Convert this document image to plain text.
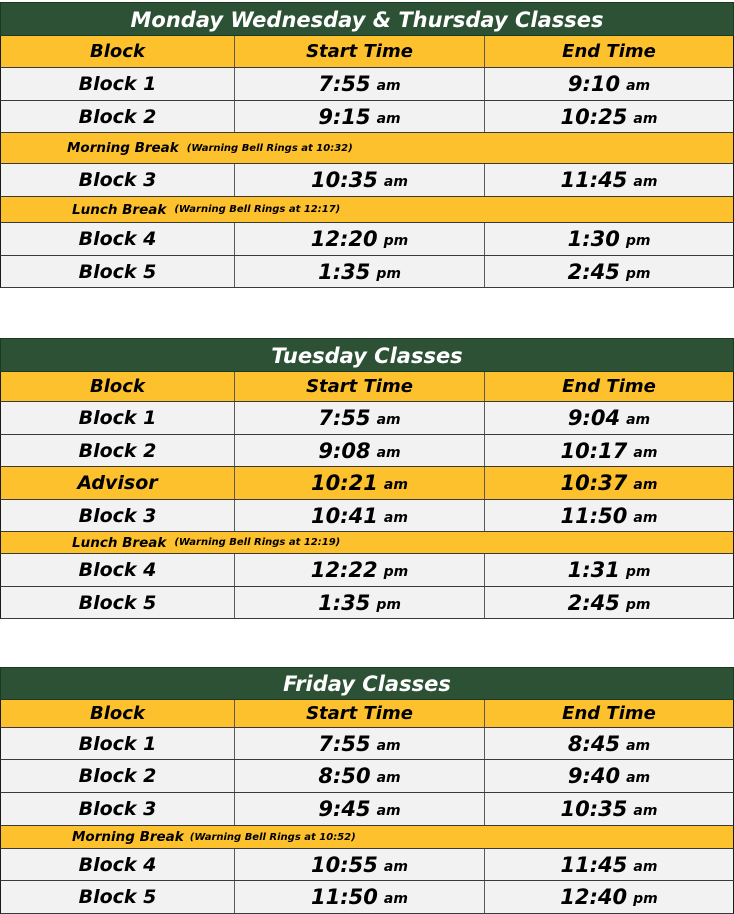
Monday Wednesday & Thursday Classes
Block	Start Time	End Time
Block 1	7:55 am	9:10 am
Block 2	9:15 am	10:25 am
Morning Break (Warning Bell Rings at 10:32)
Block 3	10:35 am	11:45 am
Lunch Break (Warning Bell Rings at 12:17)
Block 4	12:20 pm	1:30 pm
Block 5	1:35 pm	2:45 pm
Tuesday Classes
Block	Start Time	End Time
Block 1	7:55 am	9:04 am
Block 2	9:08 am	10:17 am
Advisor	10:21 am	10:37 am
Block 3	10:41 am	11:50 am
Lunch Break (Warning Bell Rings at 12:19)
Block 4	12:22 pm	1:31 pm
Block 5	1:35 pm	2:45 pm
Friday Classes
Block	Start Time	End Time
Block 1	7:55 am	8:45 am
Block 2	8:50 am	9:40 am
Block 3	9:45 am	10:35 am
Morning Break (Warning Bell Rings at 10:52)
Block 4	10:55 am	11:45 am
Block 5	11:50 am	12:40 pm
